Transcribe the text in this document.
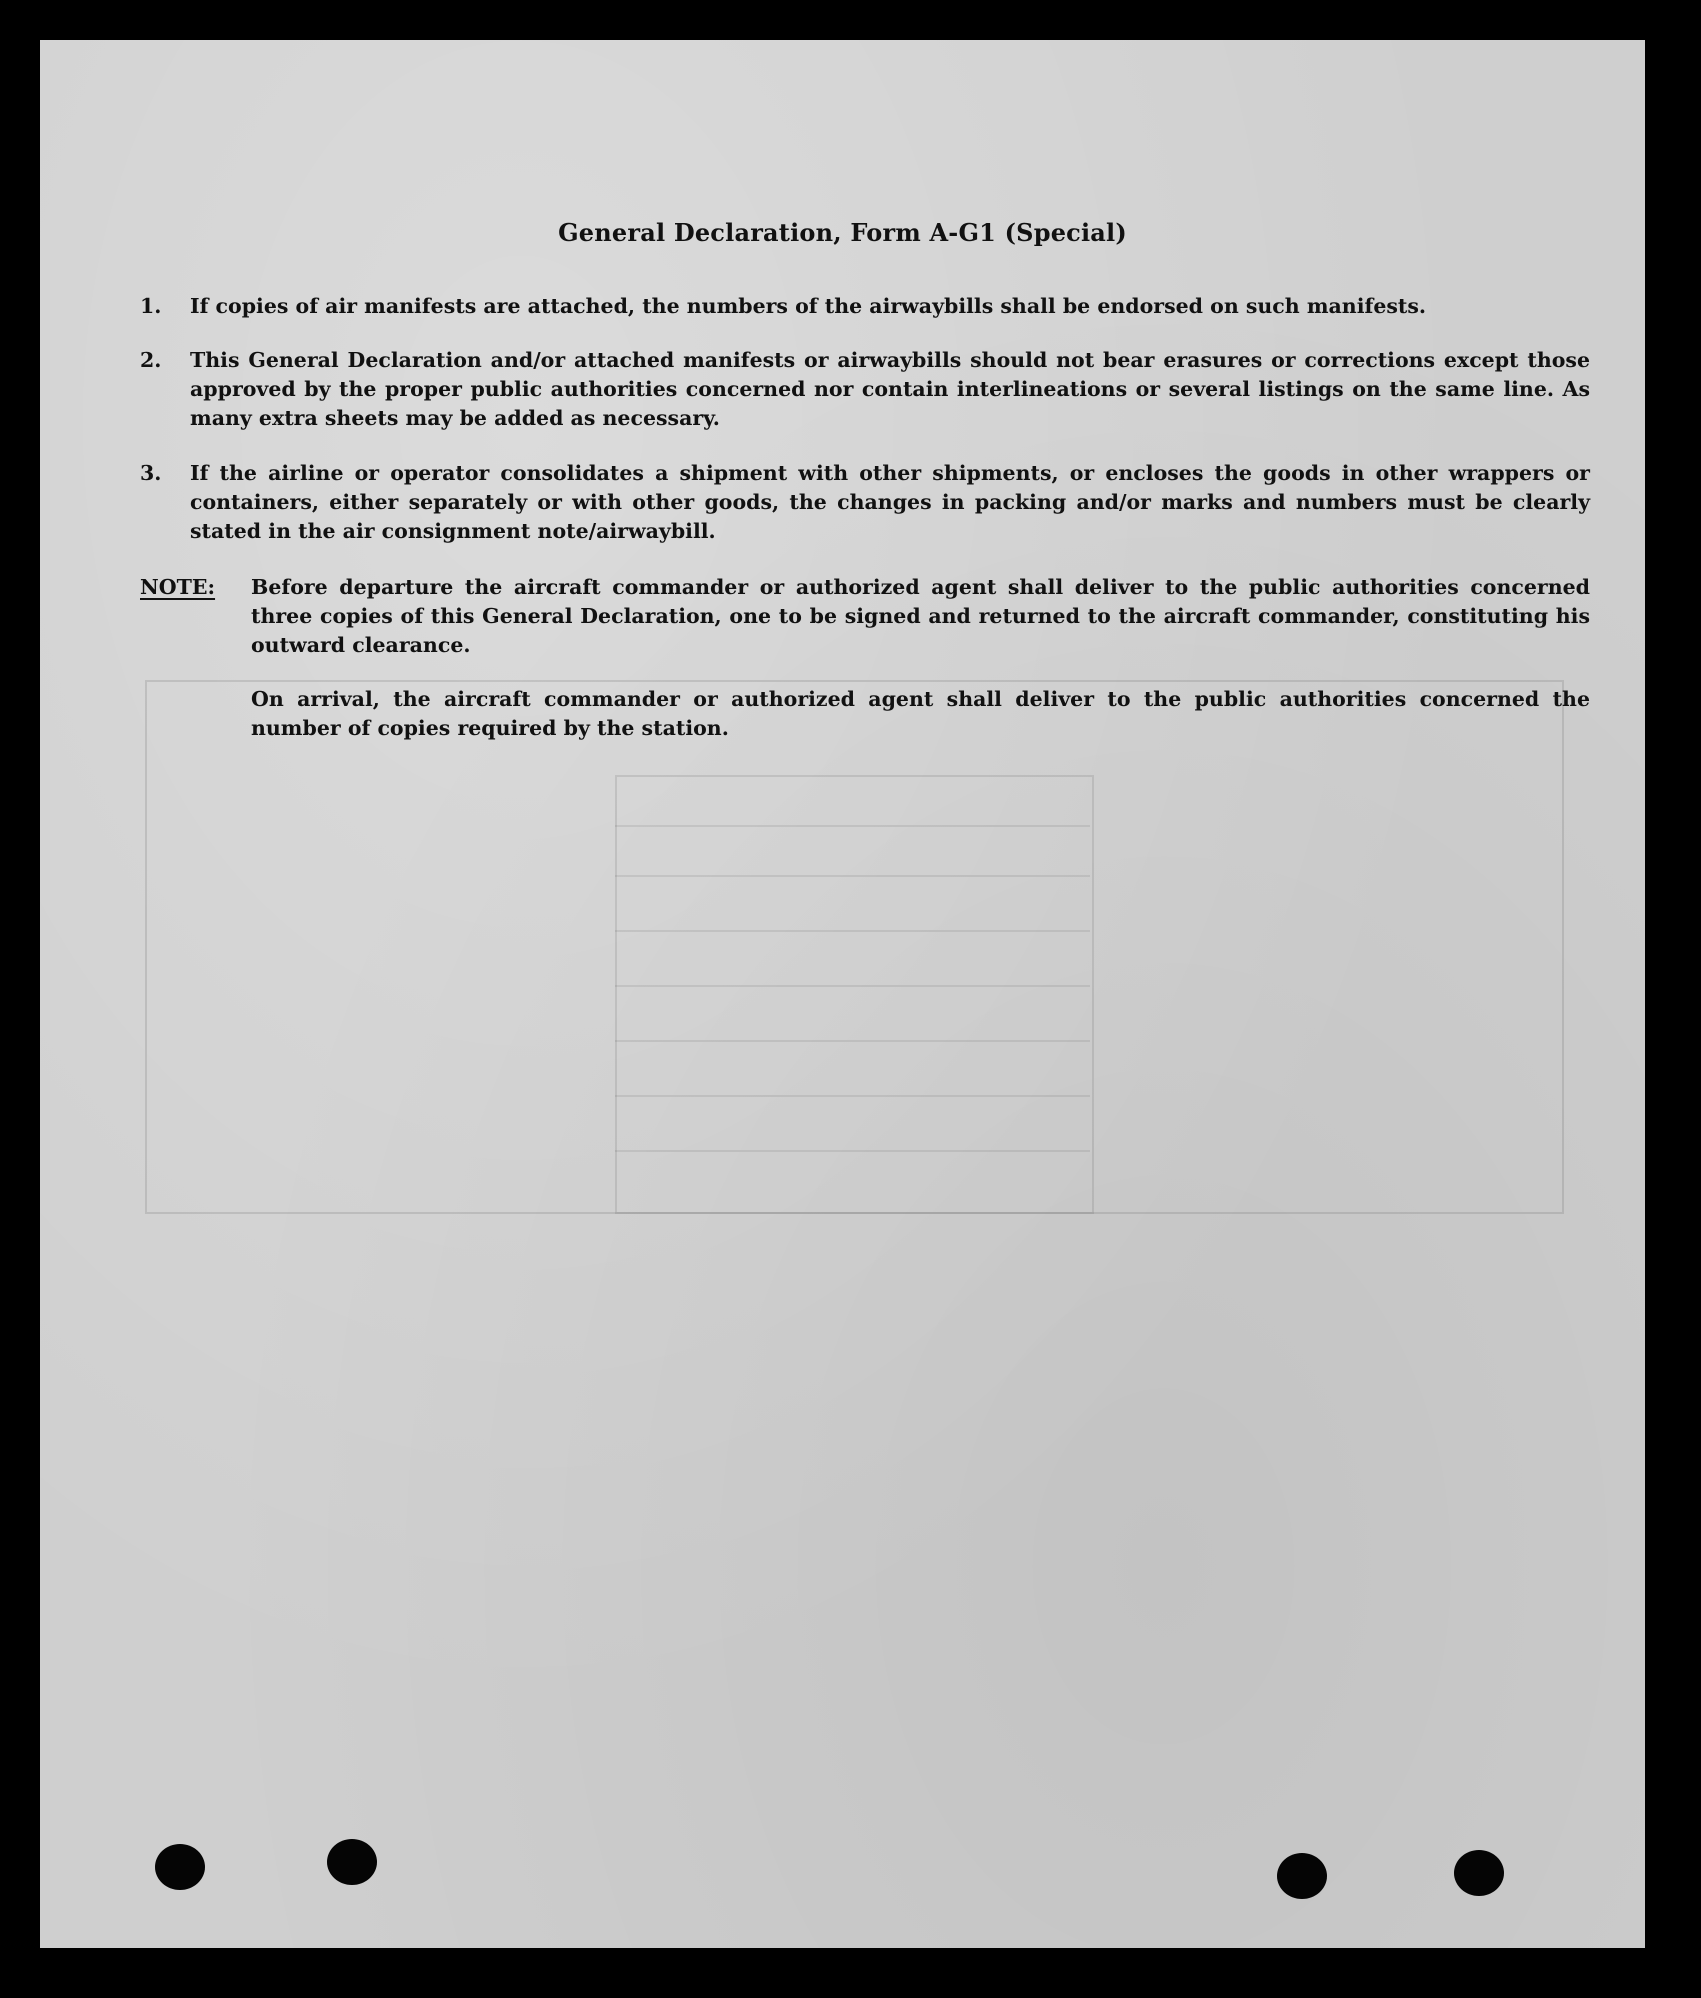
General Declaration, Form A-G1 (Special)
1.	If copies of air manifests are attached, the numbers of the airwaybills shall be endorsed on such manifests.
2.	This General Declaration and/or attached manifests or airwaybills should not bear erasures or corrections except those approved by the proper public authorities concerned nor contain interlineations or several listings on the same line. As many extra sheets may be added as necessary.
3.	If the airline or operator consolidates a shipment with other shipments, or encloses the goods in other wrappers or containers, either separately or with other goods, the changes in packing and/or marks and numbers must be clearly stated in the air consignment note/airwaybill.
NOTE: Before departure the aircraft commander or authorized agent shall deliver to the public authorities concerned three copies of this General Declaration, one to be signed and returned to the aircraft commander, constituting his outward clearance.
On arrival, the aircraft commander or authorized agent shall deliver to the public authorities concerned the number of copies required by the station.
